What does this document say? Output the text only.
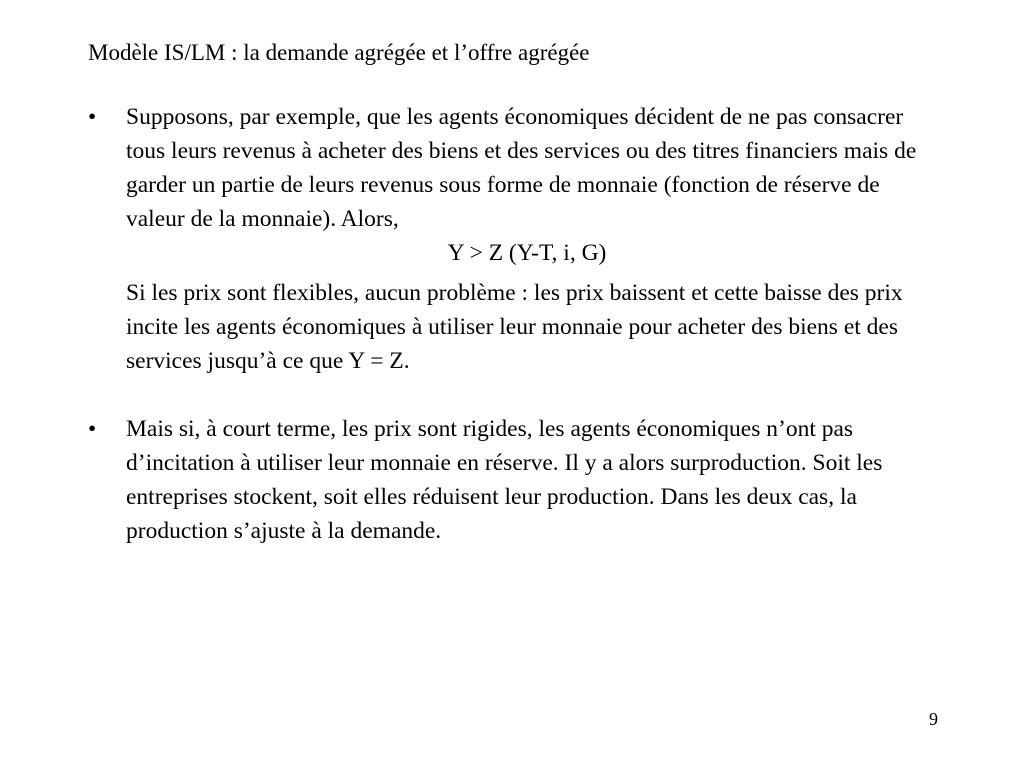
Modèle IS/LM : la demande agrégée et l’offre agrégée
•	Supposons, par exemple, que les agents économiques décident de ne pas consacrer tous leurs revenus à acheter des biens et des services ou des titres financiers mais de garder un partie de leurs revenus sous forme de monnaie (fonction de réserve de valeur de la monnaie). Alors,

Y > Z (Y-T, i, G)

Si les prix sont flexibles, aucun problème : les prix baissent et cette baisse des prix incite les agents économiques à utiliser leur monnaie pour acheter des biens et des services jusqu’à ce que Y = Z.

•	Mais si, à court terme, les prix sont rigides, les agents économiques n’ont pas d’incitation à utiliser leur monnaie en réserve. Il y a alors surproduction. Soit les entreprises stockent, soit elles réduisent leur production. Dans les deux cas, la production s’ajuste à la demande.

9
